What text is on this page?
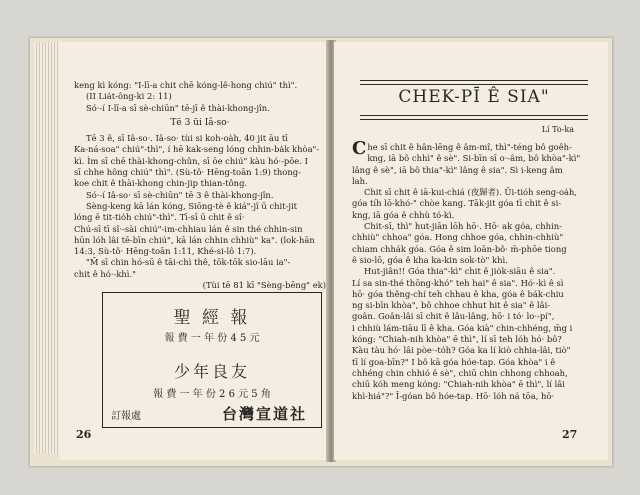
keng kì kóng: "I-lī-a chit chē kóng-lê-hong chiú" thì".
(II Lia̍t-ông-ki 2: 11)
Só·-í I-lī-a sī sè-chiūn" tē-jī ê thài-khong-jîn.
Tē 3 ūi Iâ-so·
Tē 3 ê, sī Iâ-so·. Iâ-so· tùi si koh-oa̍h, 40 jit āu tī
Ka-ná-soa" chiú"-thì", í hē kak-seng lóng chhin-ba̍k khòa"-
kì. Ìm sī chē thài-khong-chûn, sī ōe chiú" kàu hó·-pōe. I
sī chhe hông chiú" thì". (Sù-tô· Hēng-toān 1:9) thong-
koe chit ê thài-khong chin-jip thian-tông.
Só·-í Iâ-so· sī sè-chiūn" tē 3 ê thài-khong-jîn.
Sèng-keng kā lán kóng, Siōng-tè ê kiá"-jî ū chit-jit
lóng ē tit-tio̍h chiú"-thì". Tī-sī ū chit ê sî·
Chú-sī tī sî·-sài chiú"-im-chhiau lán ê sin thé chhin-sin
hūn lóh lâi tē-bīn chiú", kā lán chhin chhiù" ka". (lok-hān
14:3, Sù-tô· Hēng-toān 1:11, Khé-si-lô 1:7).
"M̄ sī chin hó-sū ê tāi-chì thê, tōk-tōk sio-lāu ia"-
chit ê hó·-khì."
(Tùi tē 81 kī "Sèng-bēng" ek)
聖 經 報
報 費 一 年 份 4 5 元
少年良友
報 費 一 年 份 2 6 元 5 角
訂報處	台灣宣道社
26
CHEK-PĪ Ê SIA"
Lí To-ka
C he sī chit ê hân-lēng ê âm-mî, thì"-téng bô goêh-
kng, iā bô chhì" ê sè". Si-bīn sī o·-âm, bô khòa"-kì"
lâng ê sè", iā bô thia"-kì" lâng ê sia". Sì i-keng âm
lah.
Chit sī chit ê iā-kui-chiá (夜歸者). Ûi-tióh seng-oa̍h,
góa tíh lō-khó-" chòe kang. Tāk-jit góa tī chit ê si-
kng, iā góa ê chhù tó-kì.
Chit-sī, thì" hut-jiān lōh hō·. Hō· ak góa, chhin-
chhiù" chhoa" góa. Hong chhoe góa, chhin-chhiù"
chiam chhák góa. Góa ê sim loān-bô· m̄-phōe tiong
ê sio-lō, góa ê kha ka-kin sok-tò" khì.
Hut-jiân!! Góa thia"-kì" chit ê jio̍k-siāu ê sia".
Lí sa sin-thé thōng-khó" teh hai" ê sia". Hó·-kì ê sì
hō· góa thêng-chí teh chhau ê kha, góa ê bák-chiu
ng si-bīn khòa", bô chhoe chhut hit ê sia" ê lâi-
goân. Goân-lâi sī chit ê lâu-lâng, hō· i tó· lo·-pí",
i chhiù lám-tiāu lī ê kha. Góa kià" chin-chhéng, m̄g i
kóng: "Chiah-nih khòa" ē thì", lí sī teh lóh hó· bô?
Kàu tàu hó· lâi pòe·-to̍h? Góa ka lí kiò chhia-lâi, tiò"
tī lí goa-bīn?" I bô kā góa hóe-tap. Góa khòa" i ê
chhéng chin chhió ê sè", chiū chin chhong chhoah,
chiū kóh meng kóng: "Chiah-nih khòa" ē thì", lí lâi
khì-hiá"?" Ī-góan bô hóe-tap. Hō· lóh ná tōa, hō·
27
